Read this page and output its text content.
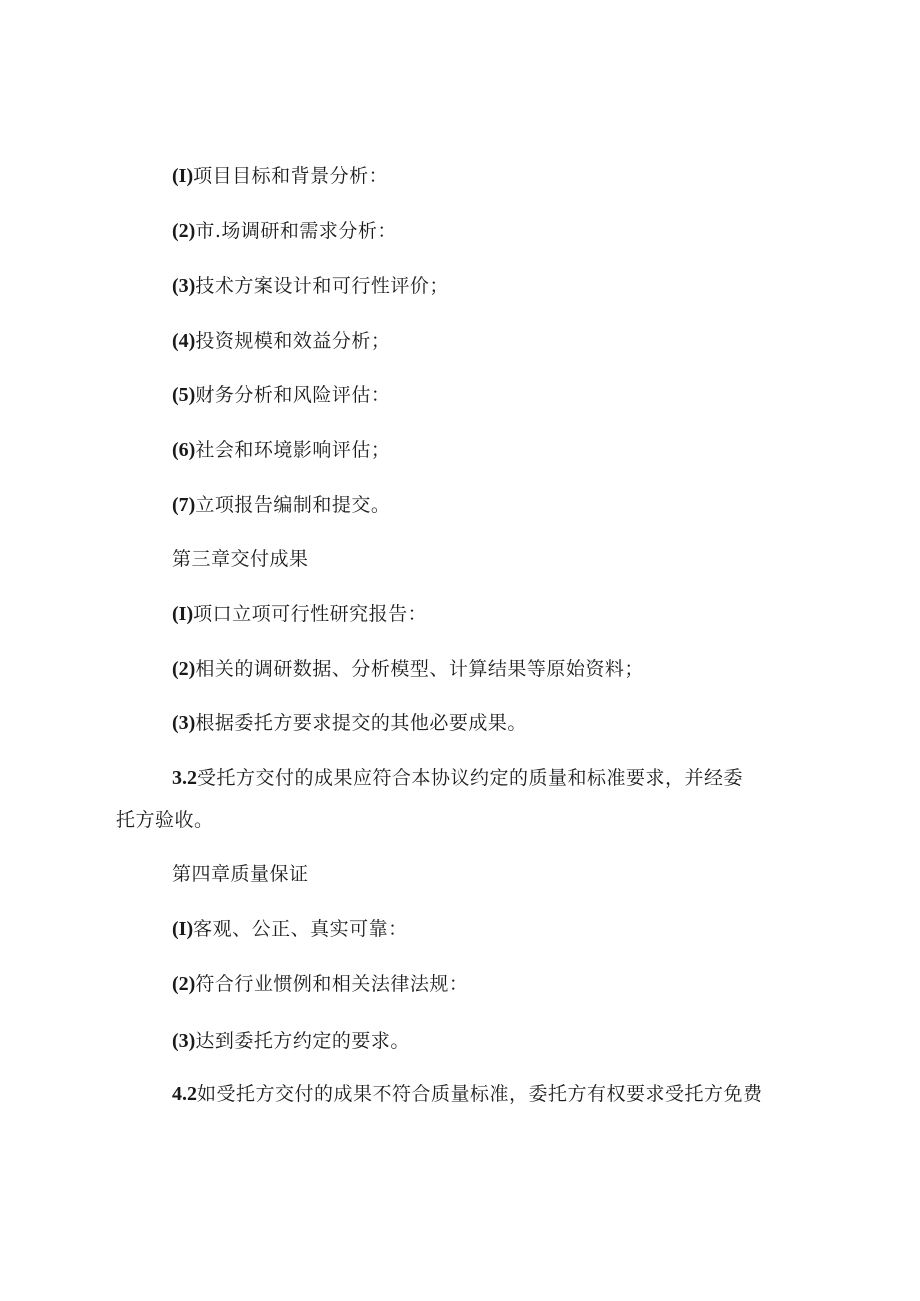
(I)项目目标和背景分析：
(2)市.场调研和需求分析：
(3)技术方案设计和可行性评价；
(4)投资规模和效益分析；
(5)财务分析和风险评估：
(6)社会和环境影响评估；
(7)立项报告编制和提交。
第三章交付成果
(I)项口立项可行性研究报告：
(2)相关的调研数据、分析模型、计算结果等原始资料；
(3)根据委托方要求提交的其他必要成果。
3.2受托方交付的成果应符合本协议约定的质量和标准要求，并经委
托方验收。
第四章质量保证
(I)客观、公正、真实可靠：
(2)符合行业惯例和相关法律法规：
(3)达到委托方约定的要求。
4.2如受托方交付的成果不符合质量标准，委托方有权要求受托方免费
